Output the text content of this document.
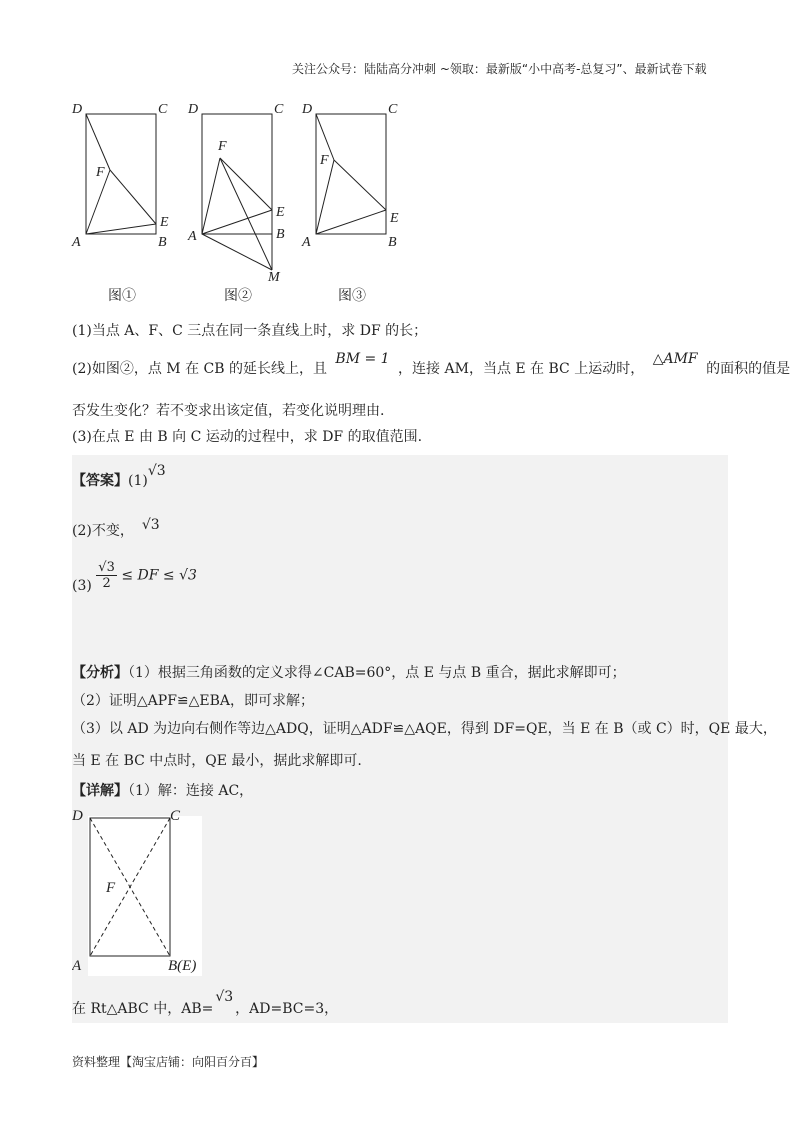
关注公众号：陆陆高分冲刺 ~领取：最新版“小中高考-总复习”、最新试卷下载
D	C
F
E
A	B
D	C
F
E
B
A
M
D	C
F
E
A	B
图①	图②	图③
(1)当点 A、F、C 三点在同一条直线上时，求 DF 的长；
(2)如图②，点 M 在 CB 的延长线上，且 BM = 1 ，连接 AM，当点 E 在 BC 上运动时， △AMF 的面积的值是
否发生变化？若不变求出该定值，若变化说明理由.
(3)在点 E 由 B 向 C 运动的过程中，求 DF 的取值范围.
【答案】(1)√3
(2)不变， √3
$(3) \frac{√3}{2}$ ≤ DF ≤ √3
【分析】（1）根据三角函数的定义求得∠CAB=60°，点 E 与点 B 重合，据此求解即可；
（2）证明△APF≌△EBA，即可求解；
（3）以 AD 为边向右侧作等边△ADQ，证明△ADF≌△AQE，得到 DF=QE，当 E 在 B（或 C）时，QE 最大，
当 E 在 BC 中点时，QE 最小，据此求解即可.
【详解】（1）解：连接 AC，
D	C
F
A	B(E)
在 Rt△ABC 中，AB=√3，AD=BC=3，
资料整理【淘宝店铺：向阳百分百】
